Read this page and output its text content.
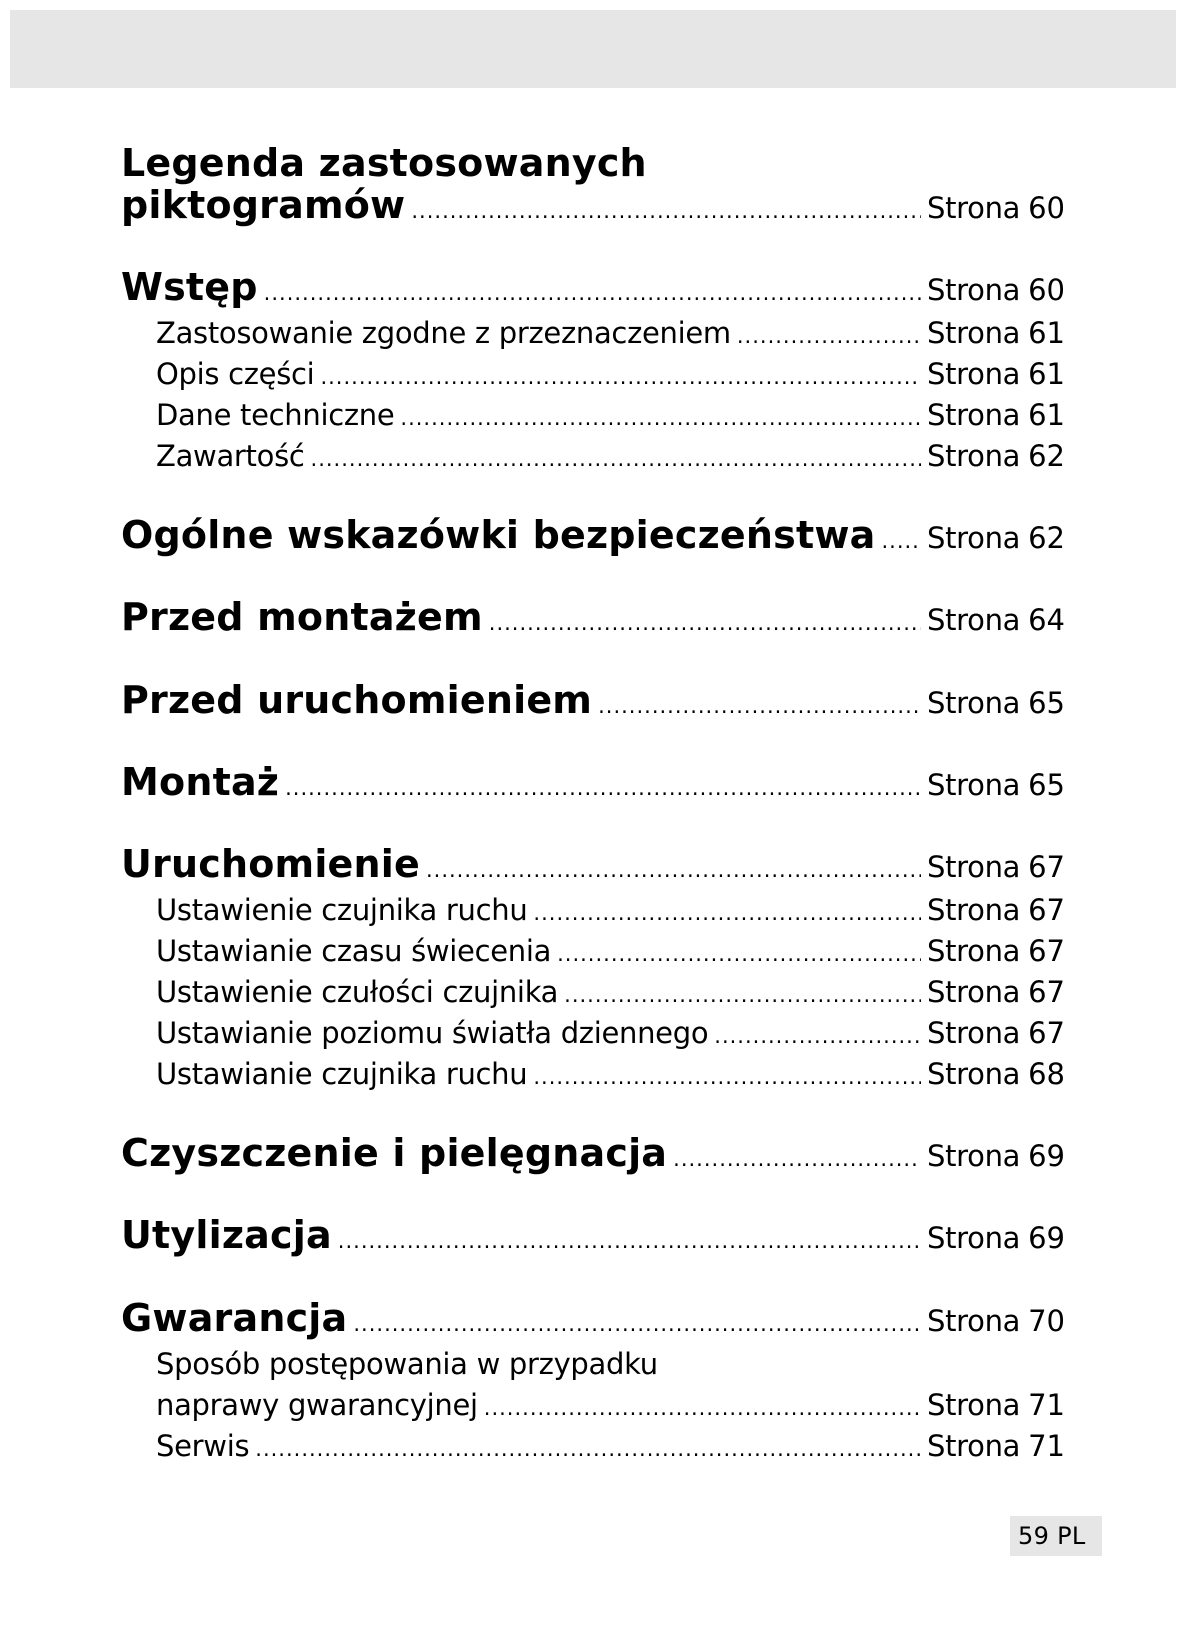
Legenda zastosowanych
piktogramów .....	Strona 60
Wstęp .....	Strona 60
Zastosowanie zgodne z przeznaczeniem .....	Strona 61
Opis części .....	Strona 61
Dane techniczne .....	Strona 61
Zawartość .....	Strona 62
Ogólne wskazówki bezpieczeństwa ..... Strona 62
Przed montażem .....	Strona 64
Przed uruchomieniem .....	Strona 65
Montaż .....	Strona 65
Uruchomienie .....	Strona 67
Ustawienie czujnika ruchu .....	Strona 67
Ustawianie czasu świecenia .....	Strona 67
Ustawienie czułości czujnika .....	Strona 67
Ustawianie poziomu światła dziennego .....	Strona 67
Ustawianie czujnika ruchu .....	Strona 68
Czyszczenie i pielęgnacja .....	Strona 69
Utylizacja .....	Strona 69
Gwarancja .....	Strona 70
Sposób postępowania w przypadku
naprawy gwarancyjnej .....	Strona 71
Serwis .....	Strona 71
59 PL
